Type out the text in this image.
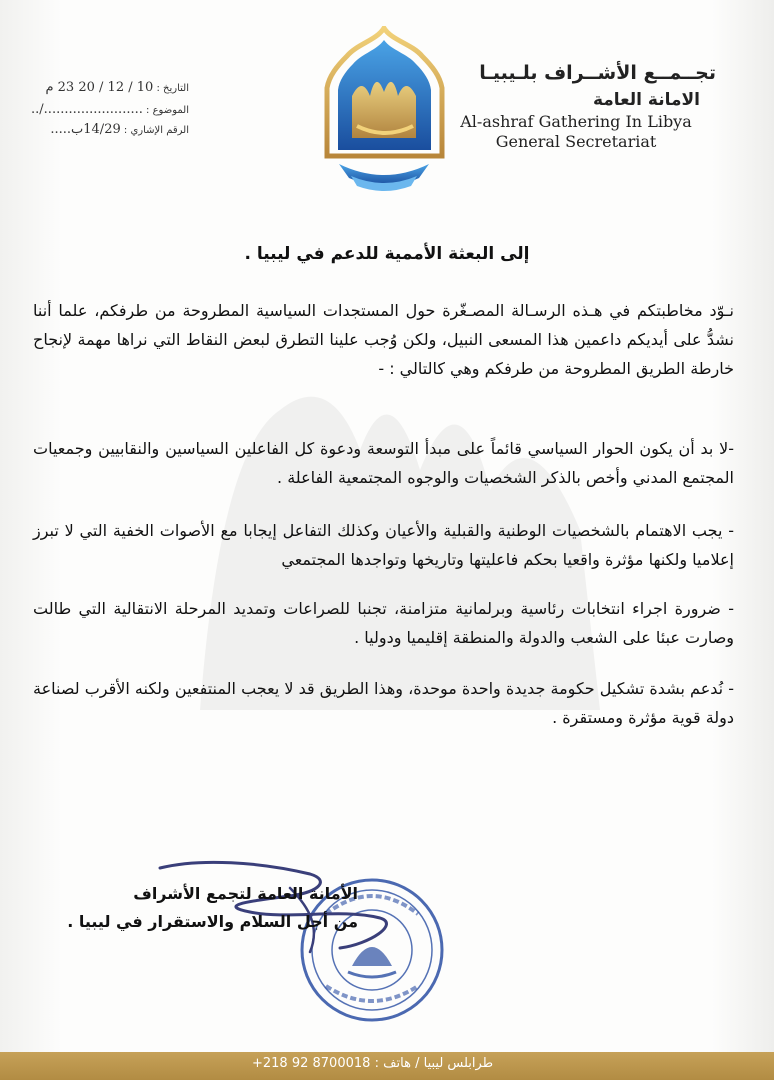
تجــمــع الأشــراف بلـيبيـا
الامانة العامة
Al-ashraf Gathering In Libya
General Secretariat
التاريخ : 10 / 12 / 20 23 م
الموضوع : ......................../..
الرقم الإشاري : 14/29ب.....
إلى البعثة الأممية للدعم في ليبيا .
نـوّد مخاطبتكم في هـذه الرسـالة المصـغّرة حول المستجدات السياسية المطروحة من طرفكم، علما أننا نشدُّ على أيديكم داعمين هذا المسعى النبيل، ولكن وُجب علينا التطرق لبعض النقاط التي نراها مهمة لإنجاح خارطة الطريق المطروحة من طرفكم وهي كالتالي : -
-لا بد أن يكون الحوار السياسي قائماً على مبدأ التوسعة ودعوة كل الفاعلين السياسين والنقابيين وجمعيات المجتمع المدني وأخص بالذكر الشخصيات والوجوه المجتمعية الفاعلة .
- يجب الاهتمام بالشخصيات الوطنية والقبلية والأعيان وكذلك التفاعل إيجابا مع الأصوات الخفية التي لا تبرز إعلاميا ولكنها مؤثرة واقعيا بحكم فاعليتها وتاريخها وتواجدها المجتمعي
- ضرورة اجراء انتخابات رئاسية وبرلمانية متزامنة، تجنبا للصراعات وتمديد المرحلة الانتقالية التي طالت وصارت عبئا على الشعب والدولة والمنطقة إقليميا ودوليا .
- نُدعم بشدة تشكيل حكومة جديدة واحدة موحدة، وهذا الطريق قد لا يعجب المنتفعين ولكنه الأقرب لصناعة دولة قوية مؤثرة ومستقرة .
الأمانة العامة لتجمع الأشراف
من أجل السلام والاستقرار في ليبيا .
طرابلس ليبيا / هاتف : +218 92 8700018
